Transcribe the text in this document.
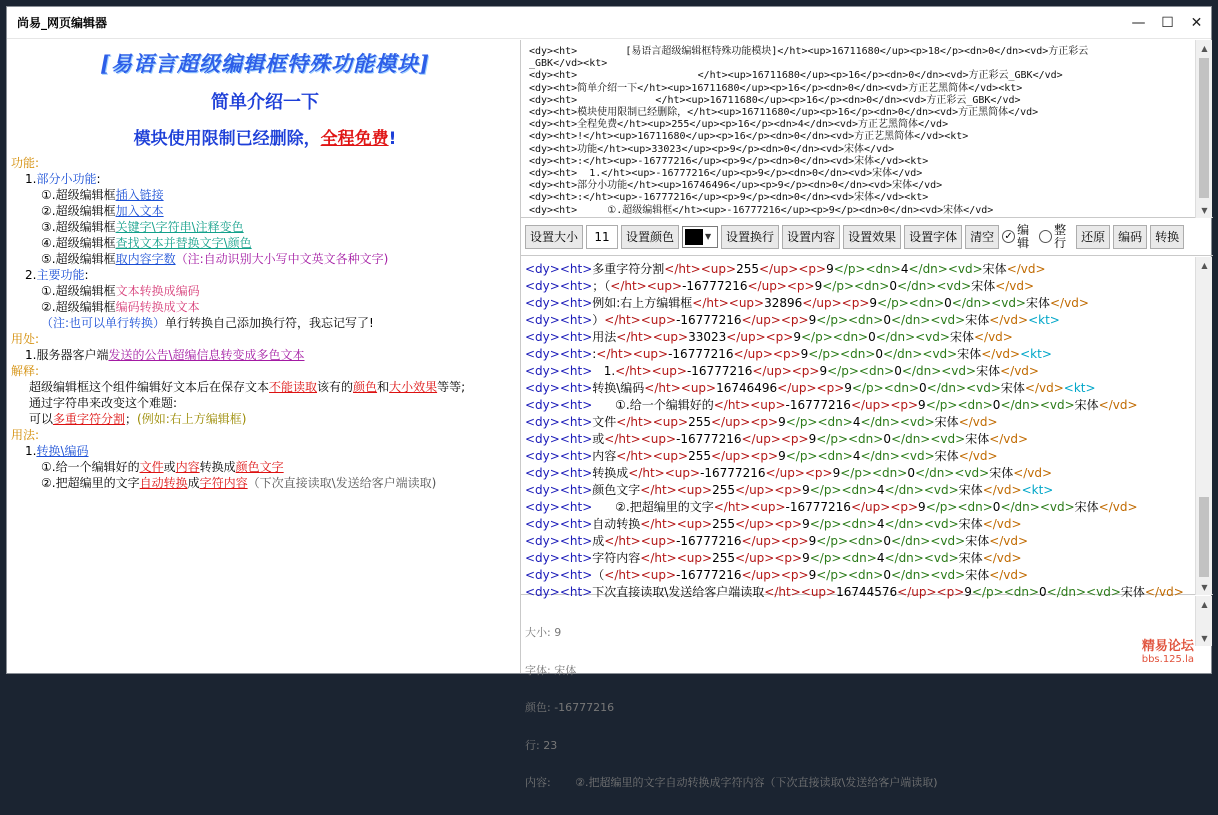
尚易_网页编辑器	—	☐	✕
[易语言超级编辑框特殊功能模块]
简单介绍一下
模块使用限制已经删除，全程免费!
功能:
1.部分小功能:
①.超级编辑框插入链接
②.超级编辑框加入文本
③.超级编辑框关键字\字符串\注释变色
④.超级编辑框查找文本并替换文字\颜色
⑤.超级编辑框取内容字数（注:自动识别大小写中文英文各种文字)
2.主要功能:
①.超级编辑框文本转换成编码
②.超级编辑框编码转换成文本
（注:也可以单行转换）单行转换自己添加换行符，我忘记写了!
用处:
1.服务器客户端发送的公告\超编信息转变成多色文本
解释:
超级编辑框这个组件编辑好文本后在保存文本不能读取该有的颜色和大小效果等等;
通过字符串来改变这个难题:
可以多重字符分割；(例如:右上方编辑框)
用法:
1.转换\编码
①.给一个编辑好的文件或内容转换成颜色文字
②.把超编里的文字自动转换成字符内容（下次直接读取\发送给客户端读取)
<dy><ht>        [易语言超级编辑框特殊功能模块]</ht><up>16711680</up><p>18</p><dn>0</dn><vd>方正彩云
_GBK</vd><kt>
<dy><ht>                    </ht><up>16711680</up><p>16</p><dn>0</dn><vd>方正彩云_GBK</vd>
<dy><ht>简单介绍一下</ht><up>16711680</up><p>16</p><dn>0</dn><vd>方正艺黑简体</vd><kt>
<dy><ht>             </ht><up>16711680</up><p>16</p><dn>0</dn><vd>方正彩云_GBK</vd>
<dy><ht>模块使用限制已经删除，</ht><up>16711680</up><p>16</p><dn>0</dn><vd>方正黑简体</vd>
<dy><ht>全程免费</ht><up>255</up><p>16</p><dn>4</dn><vd>方正艺黑简体</vd>
<dy><ht>!</ht><up>16711680</up><p>16</p><dn>0</dn><vd>方正艺黑简体</vd><kt>
<dy><ht>功能</ht><up>33023</up><p>9</p><dn>0</dn><vd>宋体</vd>
<dy><ht>:</ht><up>-16777216</up><p>9</p><dn>0</dn><vd>宋体</vd><kt>
<dy><ht>  1.</ht><up>-16777216</up><p>9</p><dn>0</dn><vd>宋体</vd>
<dy><ht>部分小功能</ht><up>16746496</up><p>9</p><dn>0</dn><vd>宋体</vd>
<dy><ht>:</ht><up>-16777216</up><p>9</p><dn>0</dn><vd>宋体</vd><kt>
<dy><ht>     ①.超级编辑框</ht><up>-16777216</up><p>9</p><dn>0</dn><vd>宋体</vd>
▲
▼
设置大小	11	设置颜色	▼	设置换行	设置内容	设置效果	设置字体	清空	✓ 编辑
整行	还原	编码	转换
<dy><ht>多重字符分割</ht><up>255</up><p>9</p><dn>4</dn><vd>宋体</vd>
<dy><ht>；（</ht><up>-16777216</up><p>9</p><dn>0</dn><vd>宋体</vd>
<dy><ht>例如:右上方编辑框</ht><up>32896</up><p>9</p><dn>0</dn><vd>宋体</vd>
<dy><ht>）</ht><up>-16777216</up><p>9</p><dn>0</dn><vd>宋体</vd><kt>
<dy><ht>用法</ht><up>33023</up><p>9</p><dn>0</dn><vd>宋体</vd>
<dy><ht>:</ht><up>-16777216</up><p>9</p><dn>0</dn><vd>宋体</vd><kt>
<dy><ht>   1.</ht><up>-16777216</up><p>9</p><dn>0</dn><vd>宋体</vd>
<dy><ht>转换\编码</ht><up>16746496</up><p>9</p><dn>0</dn><vd>宋体</vd><kt>
<dy><ht>      ①.给一个编辑好的</ht><up>-16777216</up><p>9</p><dn>0</dn><vd>宋体</vd>
<dy><ht>文件</ht><up>255</up><p>9</p><dn>4</dn><vd>宋体</vd>
<dy><ht>或</ht><up>-16777216</up><p>9</p><dn>0</dn><vd>宋体</vd>
<dy><ht>内容</ht><up>255</up><p>9</p><dn>4</dn><vd>宋体</vd>
<dy><ht>转换成</ht><up>-16777216</up><p>9</p><dn>0</dn><vd>宋体</vd>
<dy><ht>颜色文字</ht><up>255</up><p>9</p><dn>4</dn><vd>宋体</vd><kt>
<dy><ht>      ②.把超编里的文字</ht><up>-16777216</up><p>9</p><dn>0</dn><vd>宋体</vd>
<dy><ht>自动转换</ht><up>255</up><p>9</p><dn>4</dn><vd>宋体</vd>
<dy><ht>成</ht><up>-16777216</up><p>9</p><dn>0</dn><vd>宋体</vd>
<dy><ht>字符内容</ht><up>255</up><p>9</p><dn>4</dn><vd>宋体</vd>
<dy><ht>（</ht><up>-16777216</up><p>9</p><dn>0</dn><vd>宋体</vd>
<dy><ht>下次直接读取\发送给客户端读取</ht><up>16744576</up><p>9</p><dn>0</dn><vd>宋体</vd>
▲
▼

大小: 9

字体: 宋体

颜色: -16777216

行: 23

内容:       ②.把超编里的文字自动转换成字符内容（下次直接读取\发送给客户端读取)

▲
▼
精易论坛
bbs.125.la
